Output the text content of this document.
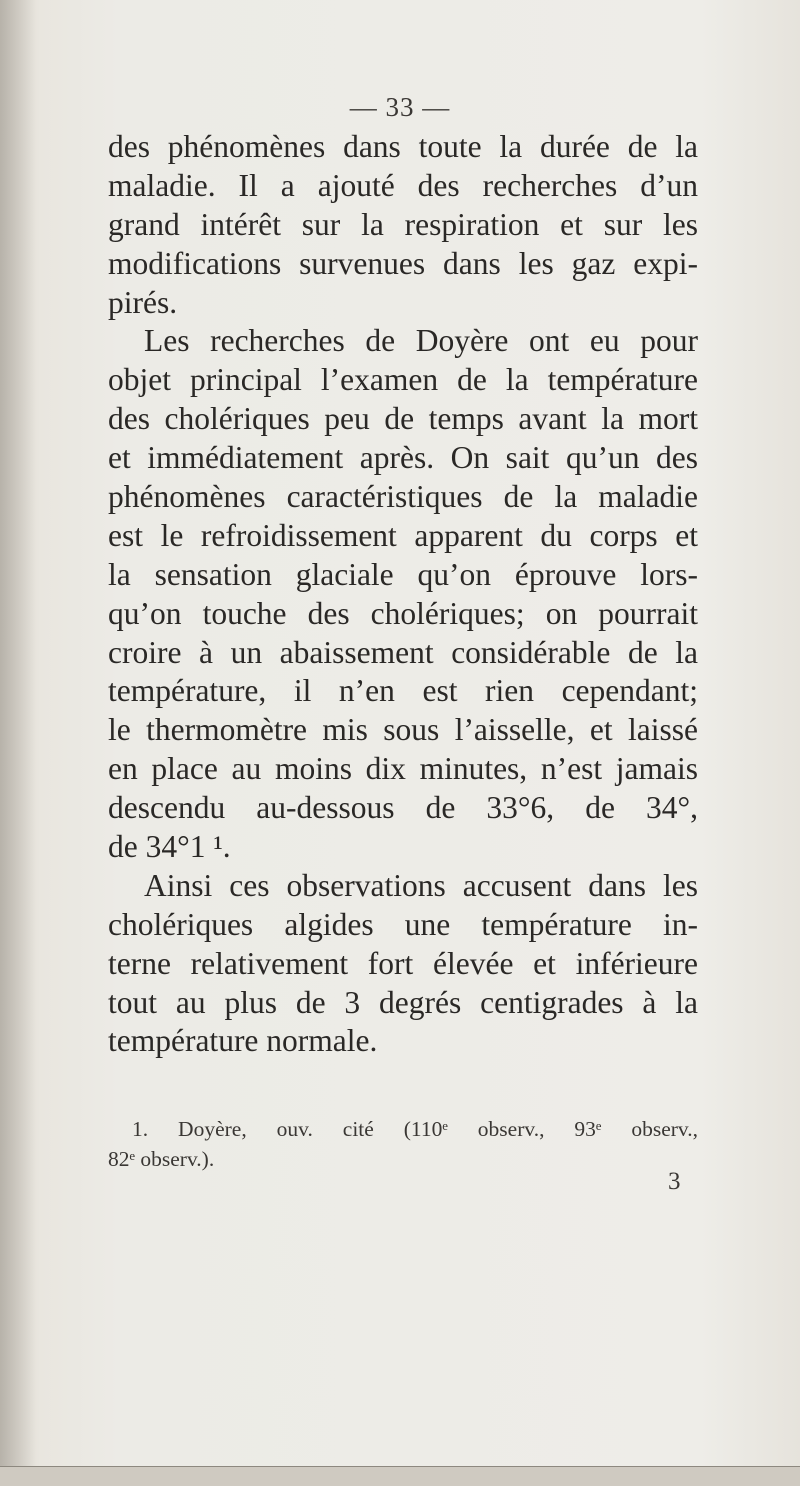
— 33 —
des phénomènes dans toute la durée de la
maladie. Il a ajouté des recherches d’un
grand intérêt sur la respiration et sur les
modifications survenues dans les gaz expi-
pirés.
Les recherches de Doyère ont eu pour
objet principal l’examen de la température
des cholériques peu de temps avant la mort
et immédiatement après. On sait qu’un des
phénomènes caractéristiques de la maladie
est le refroidissement apparent du corps et
la sensation glaciale qu’on éprouve lors-
qu’on touche des cholériques; on pourrait
croire à un abaissement considérable de la
température, il n’en est rien cependant;
le thermomètre mis sous l’aisselle, et laissé
en place au moins dix minutes, n’est jamais
descendu au-dessous de 33°6, de 34°,
de 34°1 ¹.
Ainsi ces observations accusent dans les
cholériques algides une température in-
terne relativement fort élevée et inférieure
tout au plus de 3 degrés centigrades à la
température normale.
1. Doyère, ouv. cité (110ᵉ observ., 93ᵉ observ.,
82ᵉ observ.).
3
